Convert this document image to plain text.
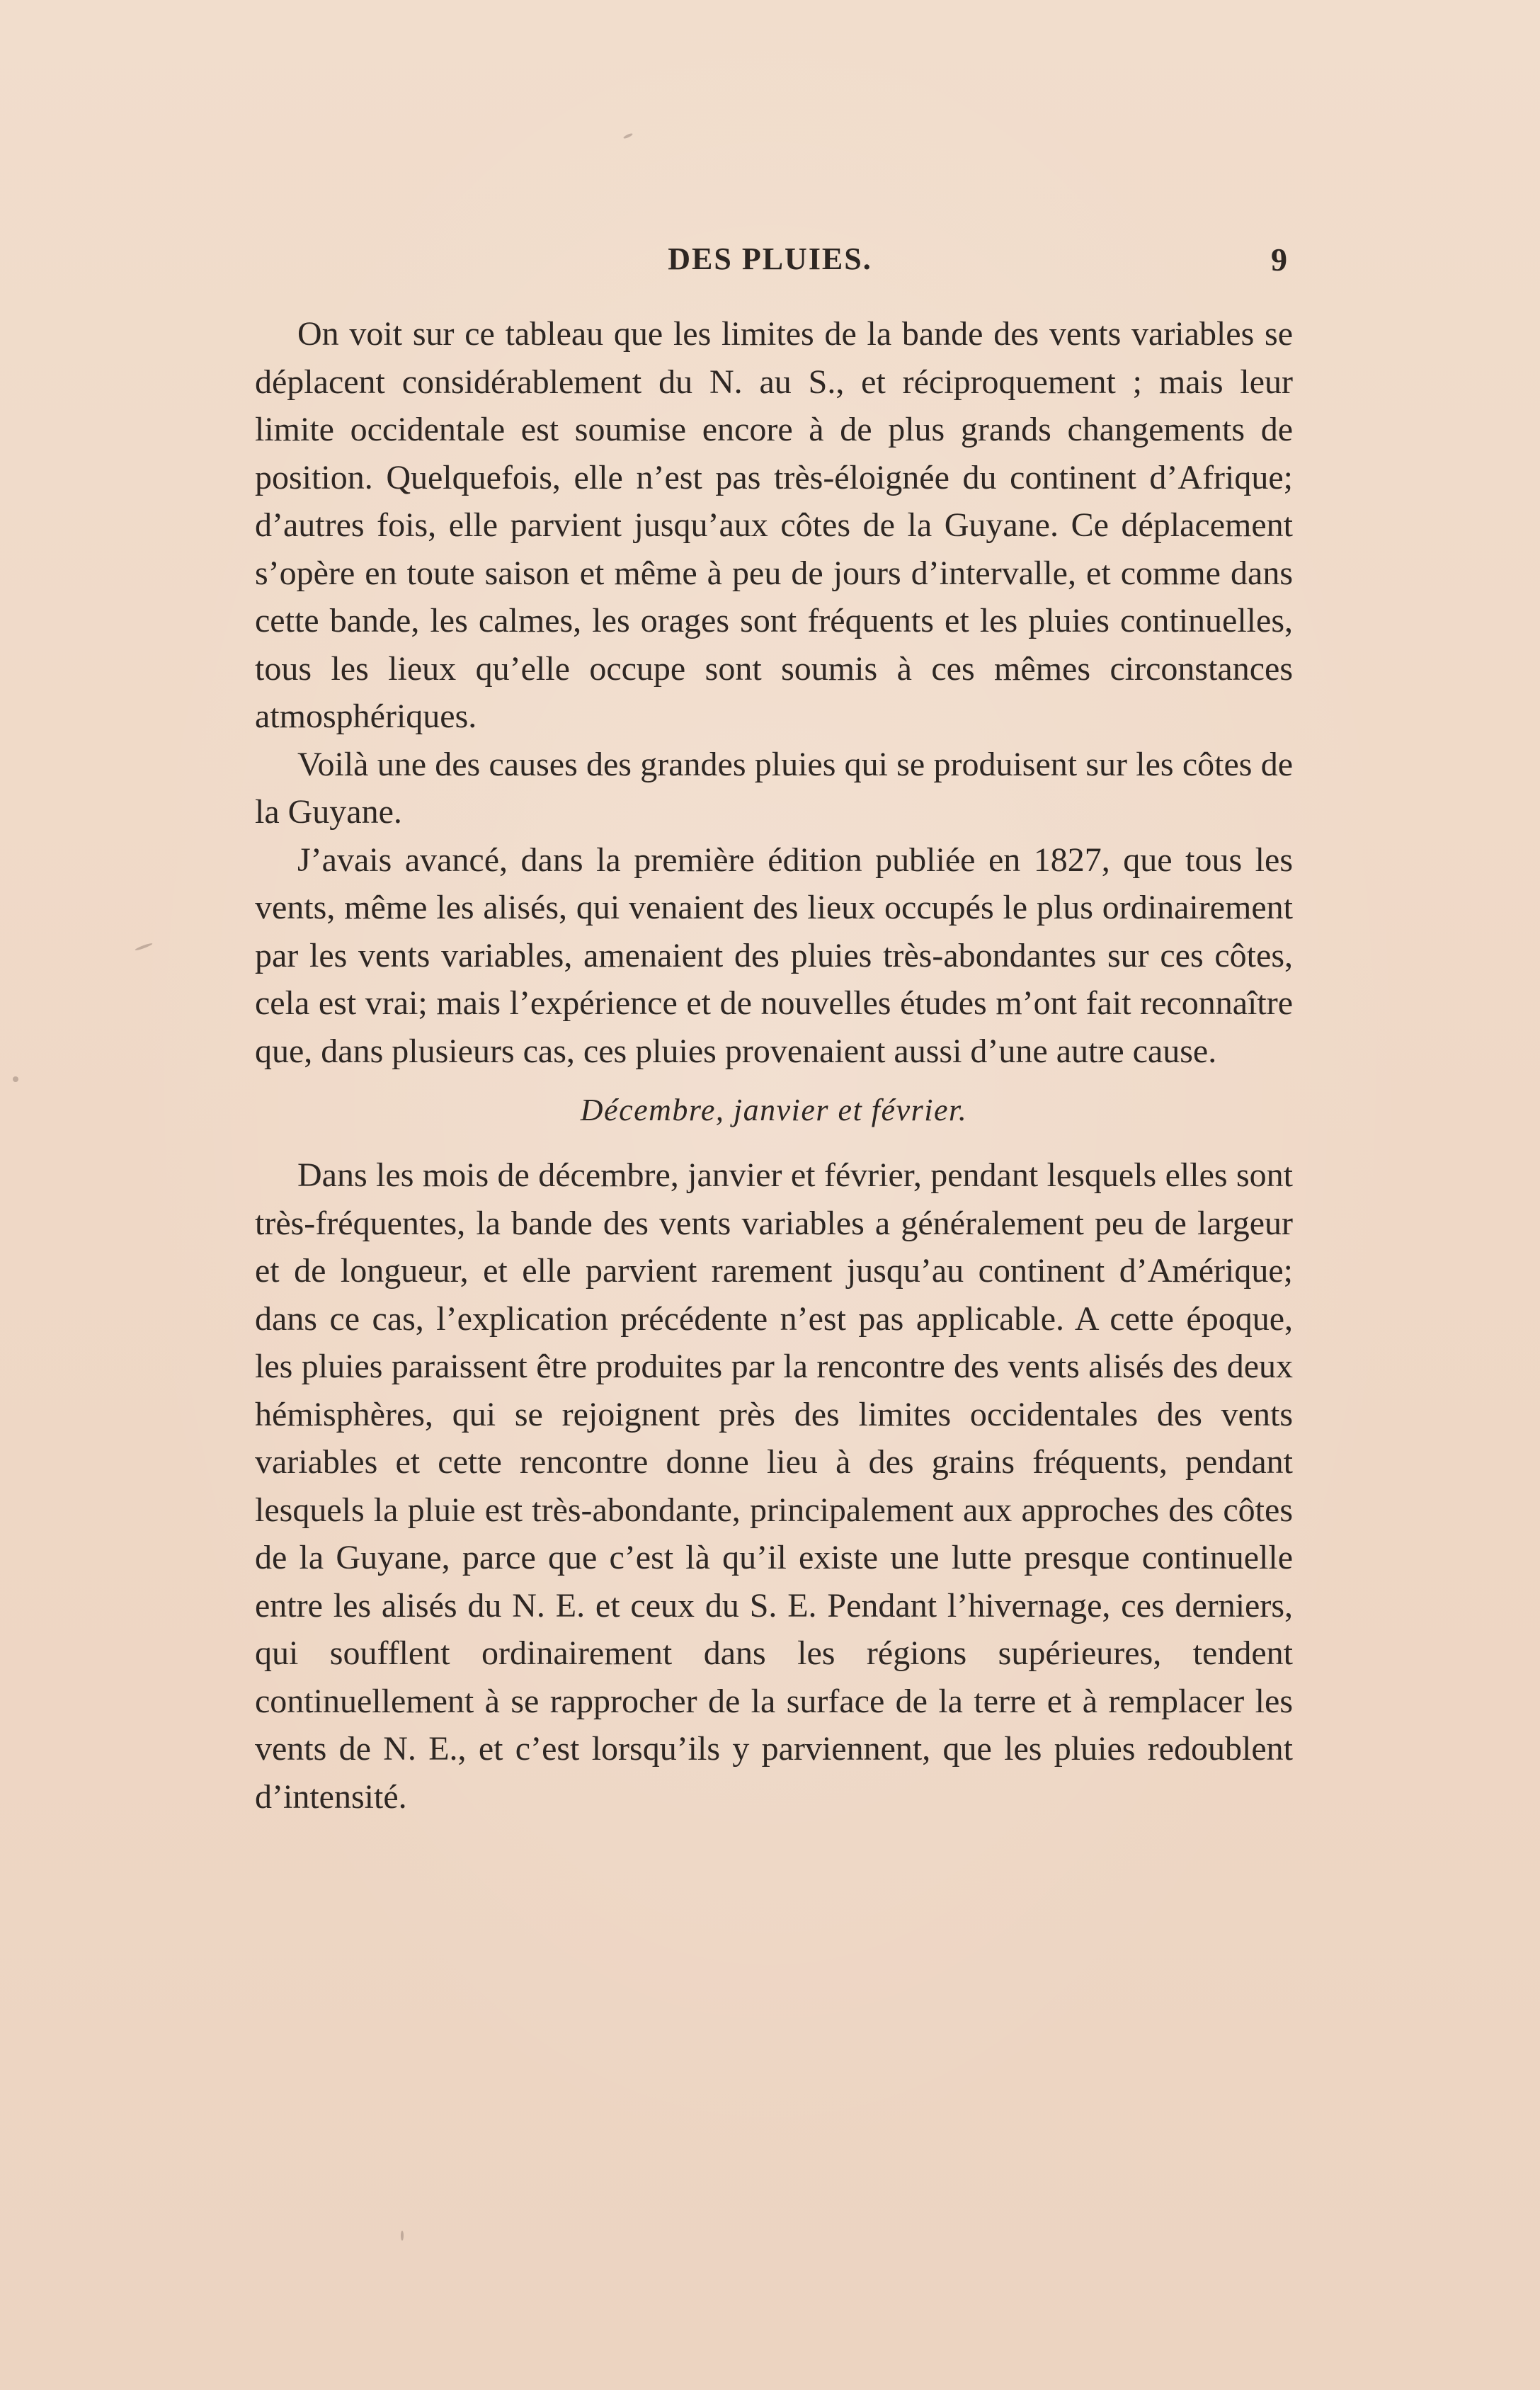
DES PLUIES.	9

On voit sur ce tableau que les limites de la bande des vents variables se déplacent considérablement du N. au S., et réciproquement ; mais leur limite occidentale est soumise encore à de plus grands changements de position. Quelquefois, elle n’est pas très-éloignée du continent d’Afrique; d’autres fois, elle parvient jusqu’aux côtes de la Guyane. Ce déplacement s’opère en toute saison et même à peu de jours d’intervalle, et comme dans cette bande, les calmes, les orages sont fréquents et les pluies continuelles, tous les lieux qu’elle occupe sont soumis à ces mêmes circonstances atmosphériques.

Voilà une des causes des grandes pluies qui se produisent sur les côtes de la Guyane.

J’avais avancé, dans la première édition publiée en 1827, que tous les vents, même les alisés, qui venaient des lieux occupés le plus ordinairement par les vents variables, amenaient des pluies très-abondantes sur ces côtes, cela est vrai; mais l’expérience et de nouvelles études m’ont fait reconnaître que, dans plusieurs cas, ces pluies provenaient aussi d’une autre cause.

Décembre, janvier et février.

Dans les mois de décembre, janvier et février, pendant lesquels elles sont très-fréquentes, la bande des vents variables a généralement peu de largeur et de longueur, et elle parvient rarement jusqu’au continent d’Amérique; dans ce cas, l’explication précédente n’est pas applicable. A cette époque, les pluies paraissent être produites par la rencontre des vents alisés des deux hémisphères, qui se rejoignent près des limites occidentales des vents variables et cette rencontre donne lieu à des grains fréquents, pendant lesquels la pluie est très-abondante, principalement aux approches des côtes de la Guyane, parce que c’est là qu’il existe une lutte presque continuelle entre les alisés du N. E. et ceux du S. E. Pendant l’hivernage, ces derniers, qui soufflent ordinairement dans les régions supérieures, tendent continuellement à se rapprocher de la surface de la terre et à remplacer les vents de N. E., et c’est lorsqu’ils y parviennent, que les pluies redoublent d’intensité.
